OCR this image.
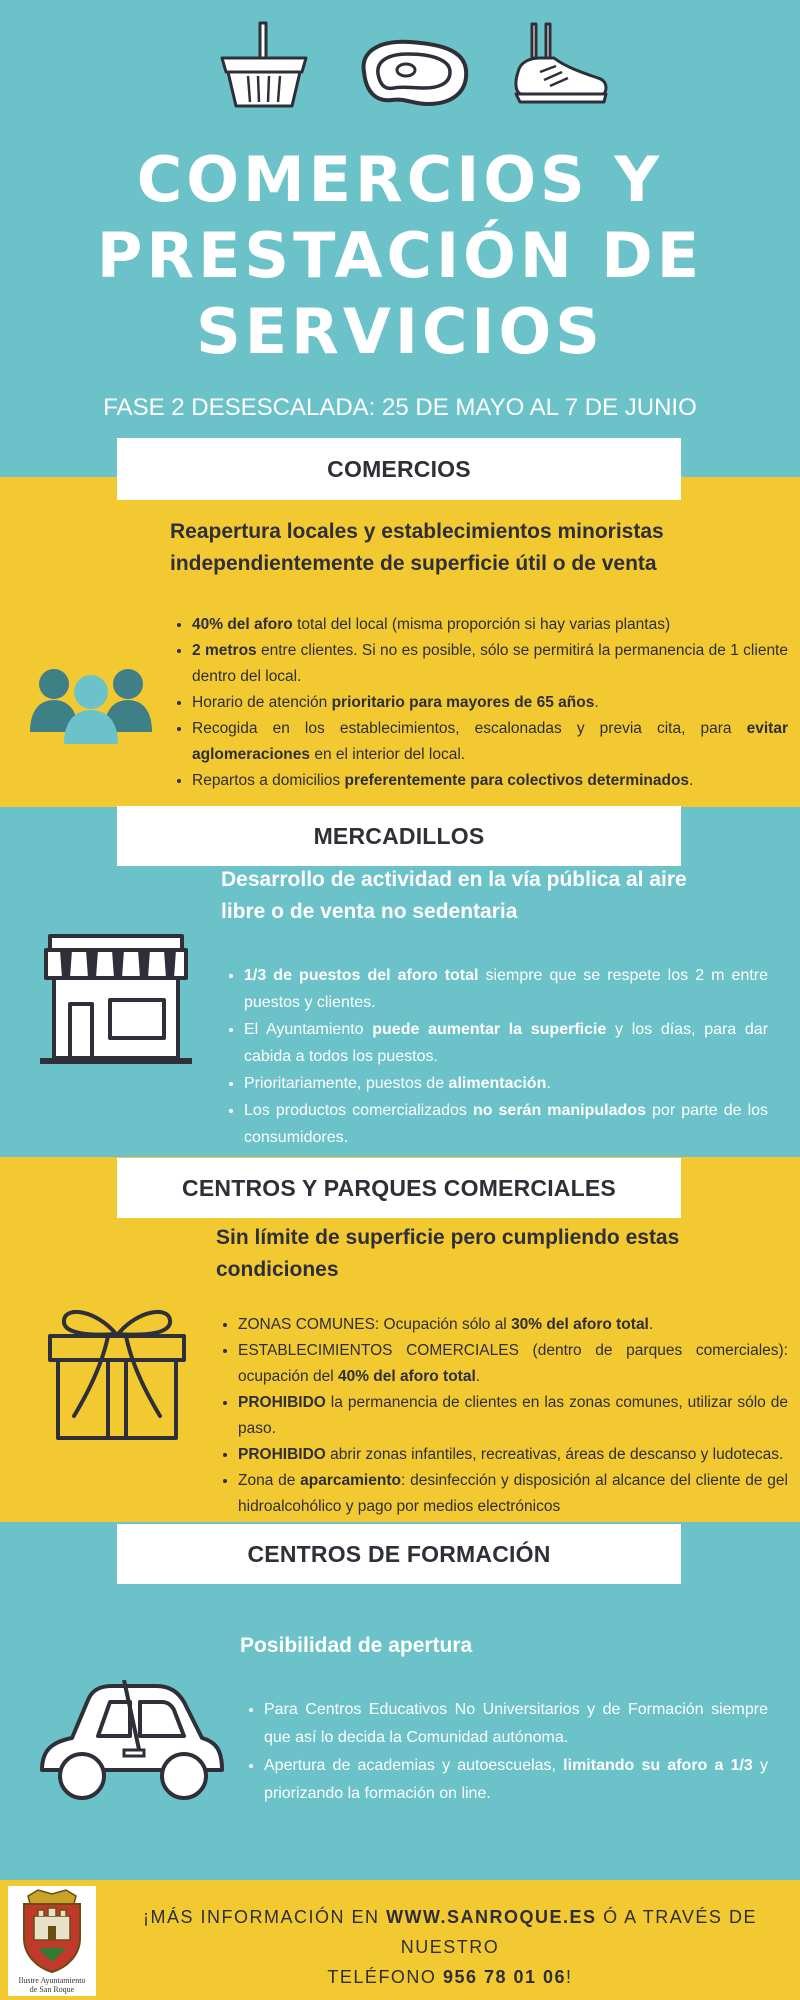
COMERCIOS Y
PRESTACIÓN DE
SERVICIOS
FASE 2 DESESCALADA: 25 DE MAYO AL 7 DE JUNIO
COMERCIOS
Reapertura locales y establecimientos minoristas
independientemente de superficie útil o de venta
• 40% del aforo total del local (misma proporción si hay varias plantas)
• 2 metros entre clientes. Si no es posible, sólo se permitirá la permanencia de 1 cliente dentro del local.
• Horario de atención prioritario para mayores de 65 años.
• Recogida en los establecimientos, escalonadas y previa cita, para evitar aglomeraciones en el interior del local.
• Repartos a domicilios preferentemente para colectivos determinados.
MERCADILLOS
Desarrollo de actividad en la vía pública al aire
libre o de venta no sedentaria
• 1/3 de puestos del aforo total siempre que se respete los 2 m entre puestos y clientes.
• El Ayuntamiento puede aumentar la superficie y los días, para dar cabida a todos los puestos.
• Prioritariamente, puestos de alimentación.
• Los productos comercializados no serán manipulados por parte de los consumidores.
CENTROS Y PARQUES COMERCIALES
Sin límite de superficie pero cumpliendo estas
condiciones
• ZONAS COMUNES: Ocupación sólo al 30% del aforo total.
• ESTABLECIMIENTOS COMERCIALES (dentro de parques comerciales): ocupación del 40% del aforo total.
• PROHIBIDO la permanencia de clientes en las zonas comunes, utilizar sólo de paso.
• PROHIBIDO abrir zonas infantiles, recreativas, áreas de descanso y ludotecas.
• Zona de aparcamiento: desinfección y disposición al alcance del cliente de gel hidroalcohólico y pago por medios electrónicos
CENTROS DE FORMACIÓN
Posibilidad de apertura
• Para Centros Educativos No Universitarios y de Formación siempre que así lo decida la Comunidad autónoma.
• Apertura de academias y autoescuelas, limitando su aforo a 1/3 y priorizando la formación on line.
Ilustre Ayuntamiento
de San Roque
¡MÁS INFORMACIÓN EN WWW.SANROQUE.ES Ó A TRAVÉS DE NUESTRO
TELÉFONO 956 78 01 06!
